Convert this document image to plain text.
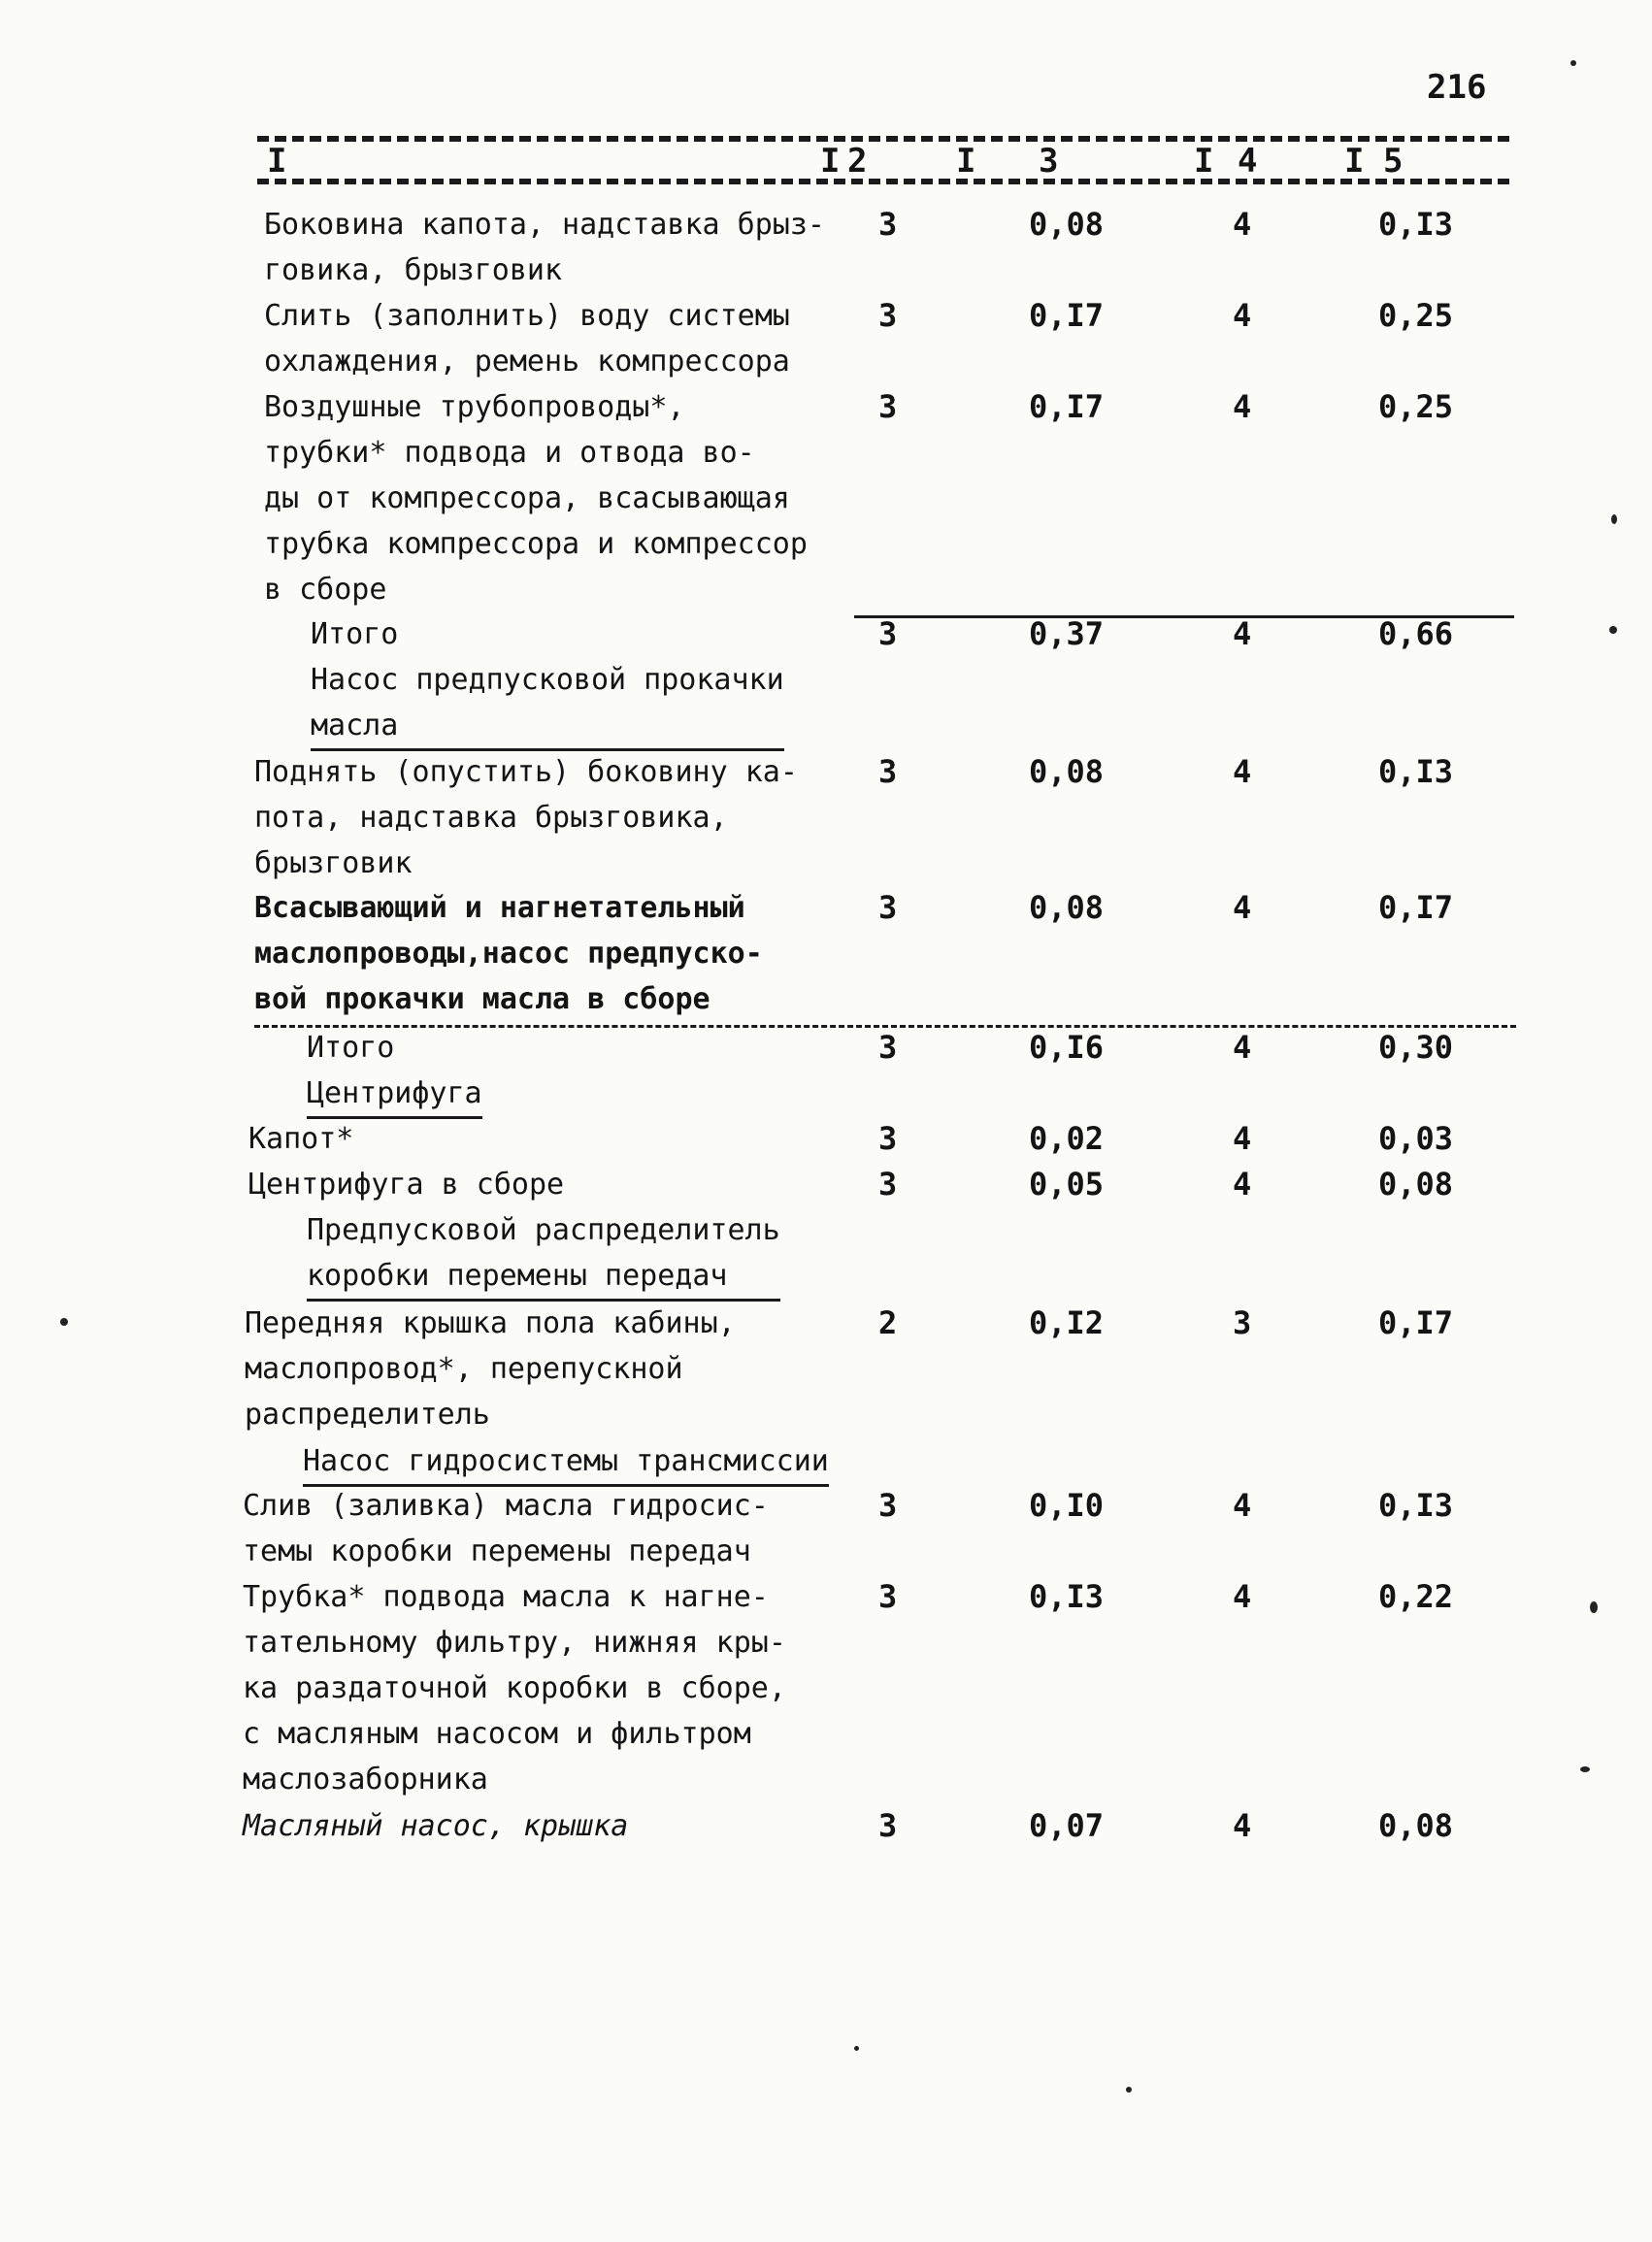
216
I	I 2	I 3	I 4	I 5
Боковина капота, надставка брыз-
говика, брызговик
3	0,08	4	0,I3
Слить (заполнить) воду системы
охлаждения, ремень компрессора
3	0,I7	4	0,25
Воздушные трубопроводы*,
трубки* подвода и отвода во-
ды от компрессора, всасывающая
трубка компрессора и компрессор
в сборе
3	0,I7	4	0,25
Итого	3	0,37	4	0,66
Насос предпусковой прокачки
масла
Поднять (опустить) боковину ка-
пота, надставка брызговика,
брызговик
3	0,08	4	0,I3
Всасывающий и нагнетательный
маслопроводы,насос предпуско-
вой прокачки масла в сборе
3	0,08	4	0,I7
Итого	3	0,I6	4	0,30
Центрифуга
Капот*	3	0,02	4	0,03
Центрифуга в сборе	3	0,05	4	0,08
Предпусковой распределитель
коробки перемены передач
Передняя крышка пола кабины,
маслопровод*, перепускной
распределитель
2	0,I2	3	0,I7
Насос гидросистемы трансмиссии
Слив (заливка) масла гидросис-
темы коробки перемены передач
3	0,I0	4	0,I3
Трубка* подвода масла к нагне-
тательному фильтру, нижняя кры-
ка раздаточной коробки в сборе,
с масляным насосом и фильтром
маслозаборника
3	0,I3	4	0,22
Масляный насос, крышка	3	0,07	4	0,08
